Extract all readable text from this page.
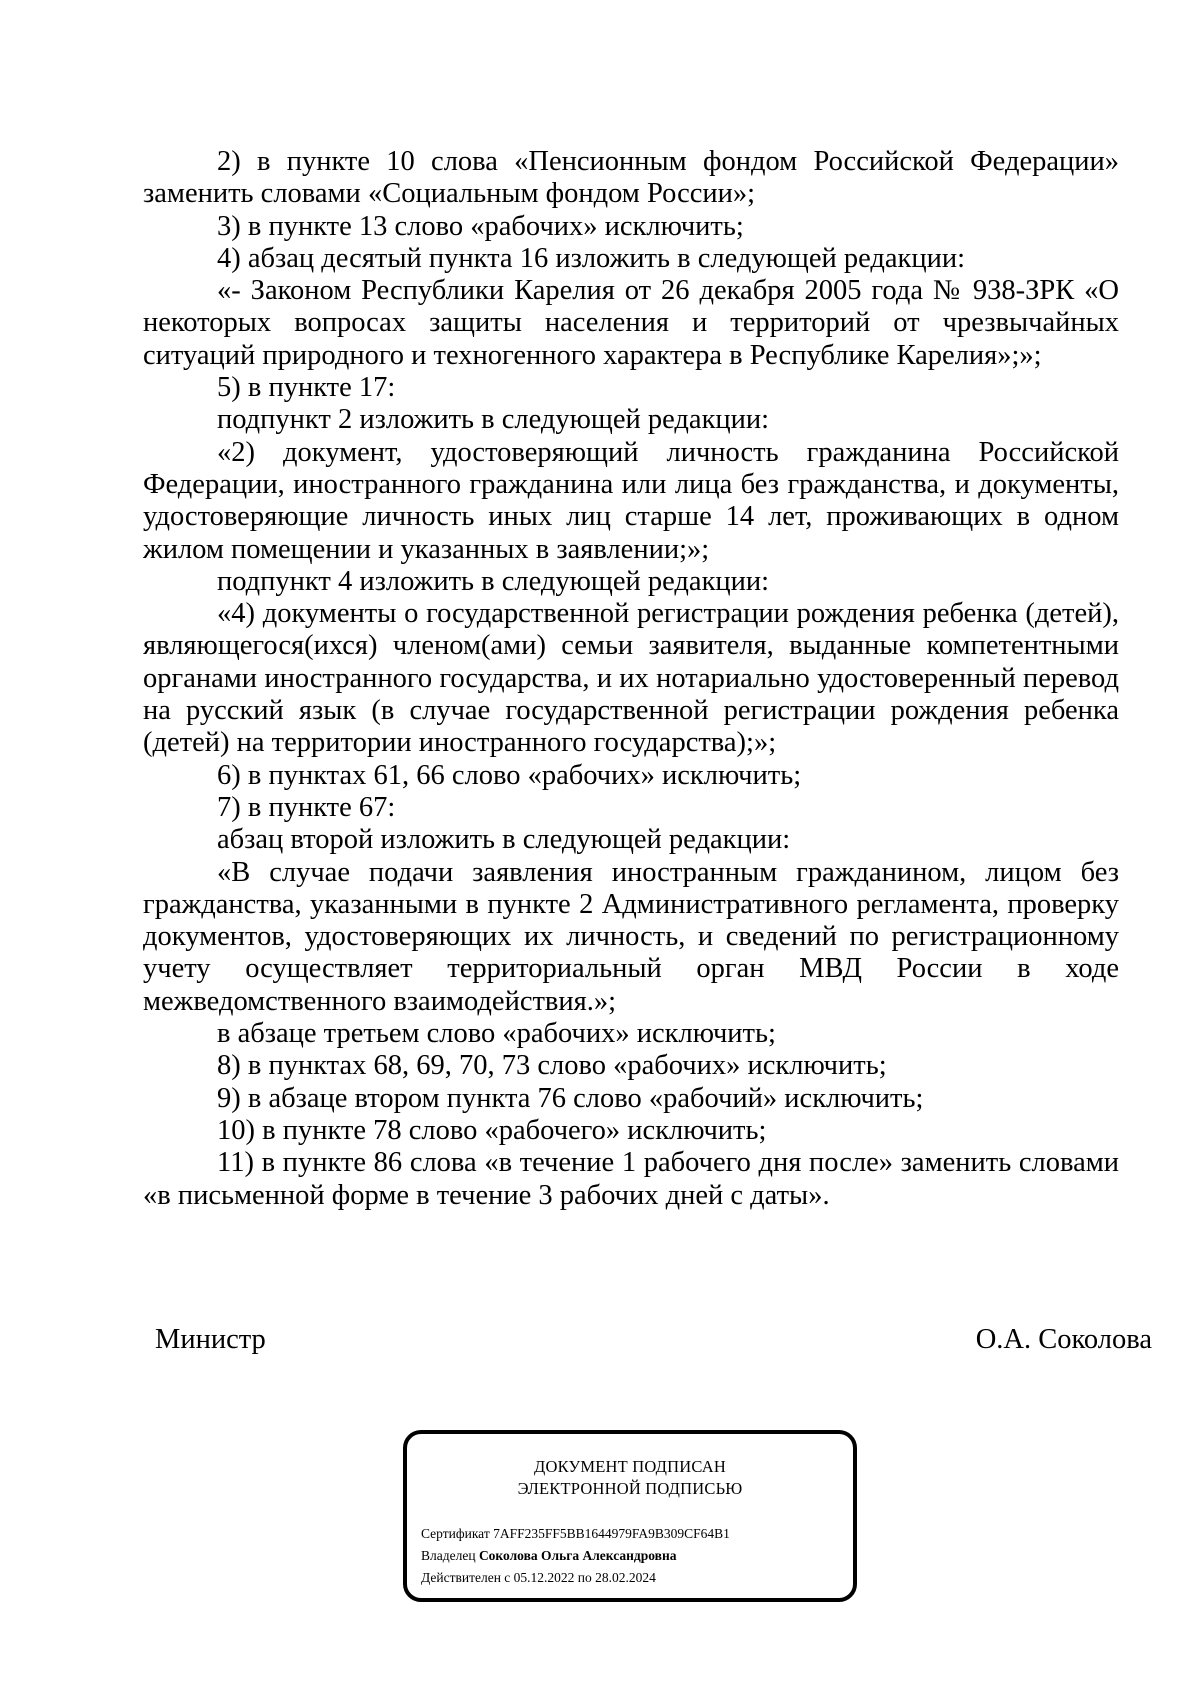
2) в пункте 10 слова «Пенсионным фондом Российской Федерации» заменить словами «Социальным фондом России»;

3) в пункте 13 слово «рабочих» исключить;

4) абзац десятый пункта 16 изложить в следующей редакции:

«- Законом Республики Карелия от 26 декабря 2005 года № 938-ЗРК «О некоторых вопросах защиты населения и территорий от чрезвычайных ситуаций природного и техногенного характера в Республике Карелия»;»;

5) в пункте 17:

подпункт 2 изложить в следующей редакции:

«2) документ, удостоверяющий личность гражданина Российской Федерации, иностранного гражданина или лица без гражданства, и документы, удостоверяющие личность иных лиц старше 14 лет, проживающих в одном жилом помещении и указанных в заявлении;»;

подпункт 4 изложить в следующей редакции:

«4) документы о государственной регистрации рождения ребенка (детей), являющегося(ихся) членом(ами) семьи заявителя, выданные компетентными органами иностранного государства, и их нотариально удостоверенный перевод на русский язык (в случае государственной регистрации рождения ребенка (детей) на территории иностранного государства);»;

6) в пунктах 61, 66 слово «рабочих» исключить;

7) в пункте 67:

абзац второй изложить в следующей редакции:

«В случае подачи заявления иностранным гражданином, лицом без гражданства, указанными в пункте 2 Административного регламента, проверку документов, удостоверяющих их личность, и сведений по регистрационному учету осуществляет территориальный орган МВД России в ходе межведомственного взаимодействия.»;

в абзаце третьем слово «рабочих» исключить;

8) в пунктах 68, 69, 70, 73 слово «рабочих» исключить;

9) в абзаце втором пункта 76 слово «рабочий» исключить;

10) в пункте 78 слово «рабочего» исключить;

11) в пункте 86 слова «в течение 1 рабочего дня после» заменить словами «в письменной форме в течение 3 рабочих дней с даты».

Министр	О.А. Соколова
ДОКУМЕНТ ПОДПИСАН
ЭЛЕКТРОННОЙ ПОДПИСЬЮ
Сертификат 7AFF235FF5BB1644979FA9B309CF64B1
Владелец Соколова Ольга Александровна
Действителен с 05.12.2022 по 28.02.2024
